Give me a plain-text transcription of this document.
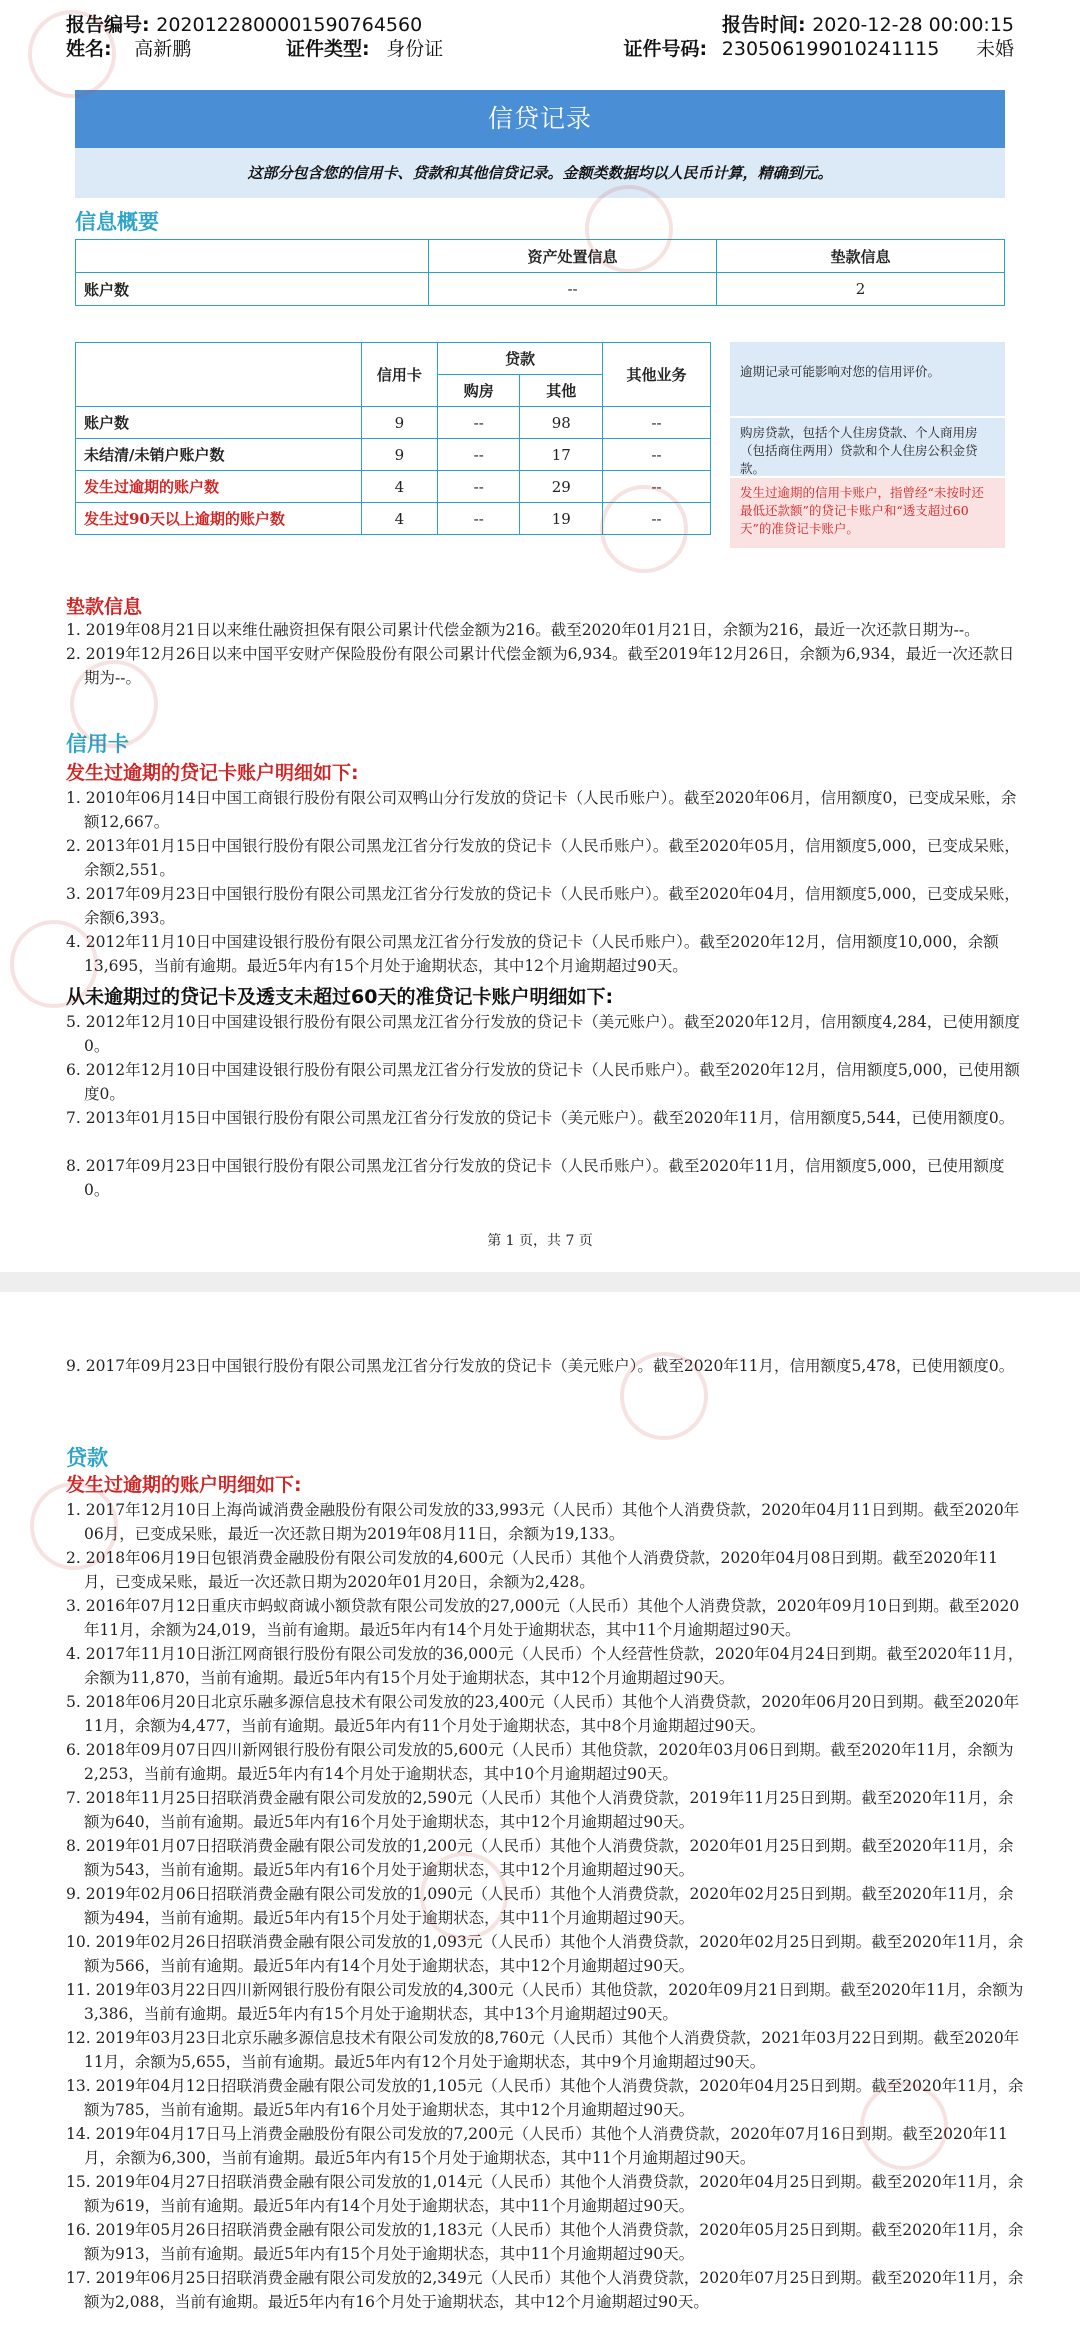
报告编号: 2020122800001590764560	报告时间: 2020-12-28 00:00:15
姓名: 高新鹏	证件类型: 身份证	证件号码: 230506199010241115 未婚
信贷记录
这部分包含您的信用卡、贷款和其他信贷记录。金额类数据均以人民币计算，精确到元。
信息概要
	资产处置信息	垫款信息
账户数	--	2
	信用卡	贷款		其他业务
		购房	其他	
账户数	9	--	98	--
未结清/未销户账户数	9	--	17	--
发生过逾期的账户数	4	--	29	--
发生过90天以上逾期的账户数	4	--	19	--
逾期记录可能影响对您的信用评价。
购房贷款，包括个人住房贷款、个人商用房（包括商住两用）贷款和个人住房公积金贷款。
发生过逾期的信用卡账户，指曾经“未按时还最低还款额”的贷记卡账户和“透支超过60天”的准贷记卡账户。
垫款信息
1. 2019年08月21日以来维仕融资担保有限公司累计代偿金额为216。截至2020年01月21日，余额为216，最近一次还款日期为--。
2. 2019年12月26日以来中国平安财产保险股份有限公司累计代偿金额为6,934。截至2019年12月26日，余额为6,934，最近一次还款日期为--。
信用卡
发生过逾期的贷记卡账户明细如下:
1. 2010年06月14日中国工商银行股份有限公司双鸭山分行发放的贷记卡（人民币账户）。截至2020年06月，信用额度0，已变成呆账，余额12,667。
2. 2013年01月15日中国银行股份有限公司黑龙江省分行发放的贷记卡（人民币账户）。截至2020年05月，信用额度5,000，已变成呆账，余额2,551。
3. 2017年09月23日中国银行股份有限公司黑龙江省分行发放的贷记卡（人民币账户）。截至2020年04月，信用额度5,000，已变成呆账，余额6,393。
4. 2012年11月10日中国建设银行股份有限公司黑龙江省分行发放的贷记卡（人民币账户）。截至2020年12月，信用额度10,000，余额13,695，当前有逾期。最近5年内有15个月处于逾期状态，其中12个月逾期超过90天。
从未逾期过的贷记卡及透支未超过60天的准贷记卡账户明细如下:
5. 2012年12月10日中国建设银行股份有限公司黑龙江省分行发放的贷记卡（美元账户）。截至2020年12月，信用额度4,284，已使用额度0。
6. 2012年12月10日中国建设银行股份有限公司黑龙江省分行发放的贷记卡（人民币账户）。截至2020年12月，信用额度5,000，已使用额度0。
7. 2013年01月15日中国银行股份有限公司黑龙江省分行发放的贷记卡（美元账户）。截至2020年11月，信用额度5,544，已使用额度0。
8. 2017年09月23日中国银行股份有限公司黑龙江省分行发放的贷记卡（人民币账户）。截至2020年11月，信用额度5,000，已使用额度0。
第 1 页，共 7 页
9. 2017年09月23日中国银行股份有限公司黑龙江省分行发放的贷记卡（美元账户）。截至2020年11月，信用额度5,478，已使用额度0。
贷款
发生过逾期的账户明细如下:
1. 2017年12月10日上海尚诚消费金融股份有限公司发放的33,993元（人民币）其他个人消费贷款，2020年04月11日到期。截至2020年06月，已变成呆账，最近一次还款日期为2019年08月11日，余额为19,133。
2. 2018年06月19日包银消费金融股份有限公司发放的4,600元（人民币）其他个人消费贷款，2020年04月08日到期。截至2020年11月，已变成呆账，最近一次还款日期为2020年01月20日，余额为2,428。
3. 2016年07月12日重庆市蚂蚁商诚小额贷款有限公司发放的27,000元（人民币）其他个人消费贷款，2020年09月10日到期。截至2020年11月，余额为24,019，当前有逾期。最近5年内有14个月处于逾期状态，其中11个月逾期超过90天。
4. 2017年11月10日浙江网商银行股份有限公司发放的36,000元（人民币）个人经营性贷款，2020年04月24日到期。截至2020年11月，余额为11,870，当前有逾期。最近5年内有15个月处于逾期状态，其中12个月逾期超过90天。
5. 2018年06月20日北京乐融多源信息技术有限公司发放的23,400元（人民币）其他个人消费贷款，2020年06月20日到期。截至2020年11月，余额为4,477，当前有逾期。最近5年内有11个月处于逾期状态，其中8个月逾期超过90天。
6. 2018年09月07日四川新网银行股份有限公司发放的5,600元（人民币）其他贷款，2020年03月06日到期。截至2020年11月，余额为2,253，当前有逾期。最近5年内有14个月处于逾期状态，其中10个月逾期超过90天。
7. 2018年11月25日招联消费金融有限公司发放的2,590元（人民币）其他个人消费贷款，2019年11月25日到期。截至2020年11月，余额为640，当前有逾期。最近5年内有16个月处于逾期状态，其中12个月逾期超过90天。
8. 2019年01月07日招联消费金融有限公司发放的1,200元（人民币）其他个人消费贷款，2020年01月25日到期。截至2020年11月，余额为543，当前有逾期。最近5年内有16个月处于逾期状态，其中12个月逾期超过90天。
9. 2019年02月06日招联消费金融有限公司发放的1,090元（人民币）其他个人消费贷款，2020年02月25日到期。截至2020年11月，余额为494，当前有逾期。最近5年内有15个月处于逾期状态，其中11个月逾期超过90天。
10. 2019年02月26日招联消费金融有限公司发放的1,093元（人民币）其他个人消费贷款，2020年02月25日到期。截至2020年11月，余额为566，当前有逾期。最近5年内有14个月处于逾期状态，其中12个月逾期超过90天。
11. 2019年03月22日四川新网银行股份有限公司发放的4,300元（人民币）其他贷款，2020年09月21日到期。截至2020年11月，余额为3,386，当前有逾期。最近5年内有15个月处于逾期状态，其中13个月逾期超过90天。
12. 2019年03月23日北京乐融多源信息技术有限公司发放的8,760元（人民币）其他个人消费贷款，2021年03月22日到期。截至2020年11月，余额为5,655，当前有逾期。最近5年内有12个月处于逾期状态，其中9个月逾期超过90天。
13. 2019年04月12日招联消费金融有限公司发放的1,105元（人民币）其他个人消费贷款，2020年04月25日到期。截至2020年11月，余额为785，当前有逾期。最近5年内有16个月处于逾期状态，其中12个月逾期超过90天。
14. 2019年04月17日马上消费金融股份有限公司发放的7,200元（人民币）其他个人消费贷款，2020年07月16日到期。截至2020年11月，余额为6,300，当前有逾期。最近5年内有15个月处于逾期状态，其中11个月逾期超过90天。
15. 2019年04月27日招联消费金融有限公司发放的1,014元（人民币）其他个人消费贷款，2020年04月25日到期。截至2020年11月，余额为619，当前有逾期。最近5年内有14个月处于逾期状态，其中11个月逾期超过90天。
16. 2019年05月26日招联消费金融有限公司发放的1,183元（人民币）其他个人消费贷款，2020年05月25日到期。截至2020年11月，余额为913，当前有逾期。最近5年内有15个月处于逾期状态，其中11个月逾期超过90天。
17. 2019年06月25日招联消费金融有限公司发放的2,349元（人民币）其他个人消费贷款，2020年07月25日到期。截至2020年11月，余额为2,088，当前有逾期。最近5年内有16个月处于逾期状态，其中12个月逾期超过90天。
